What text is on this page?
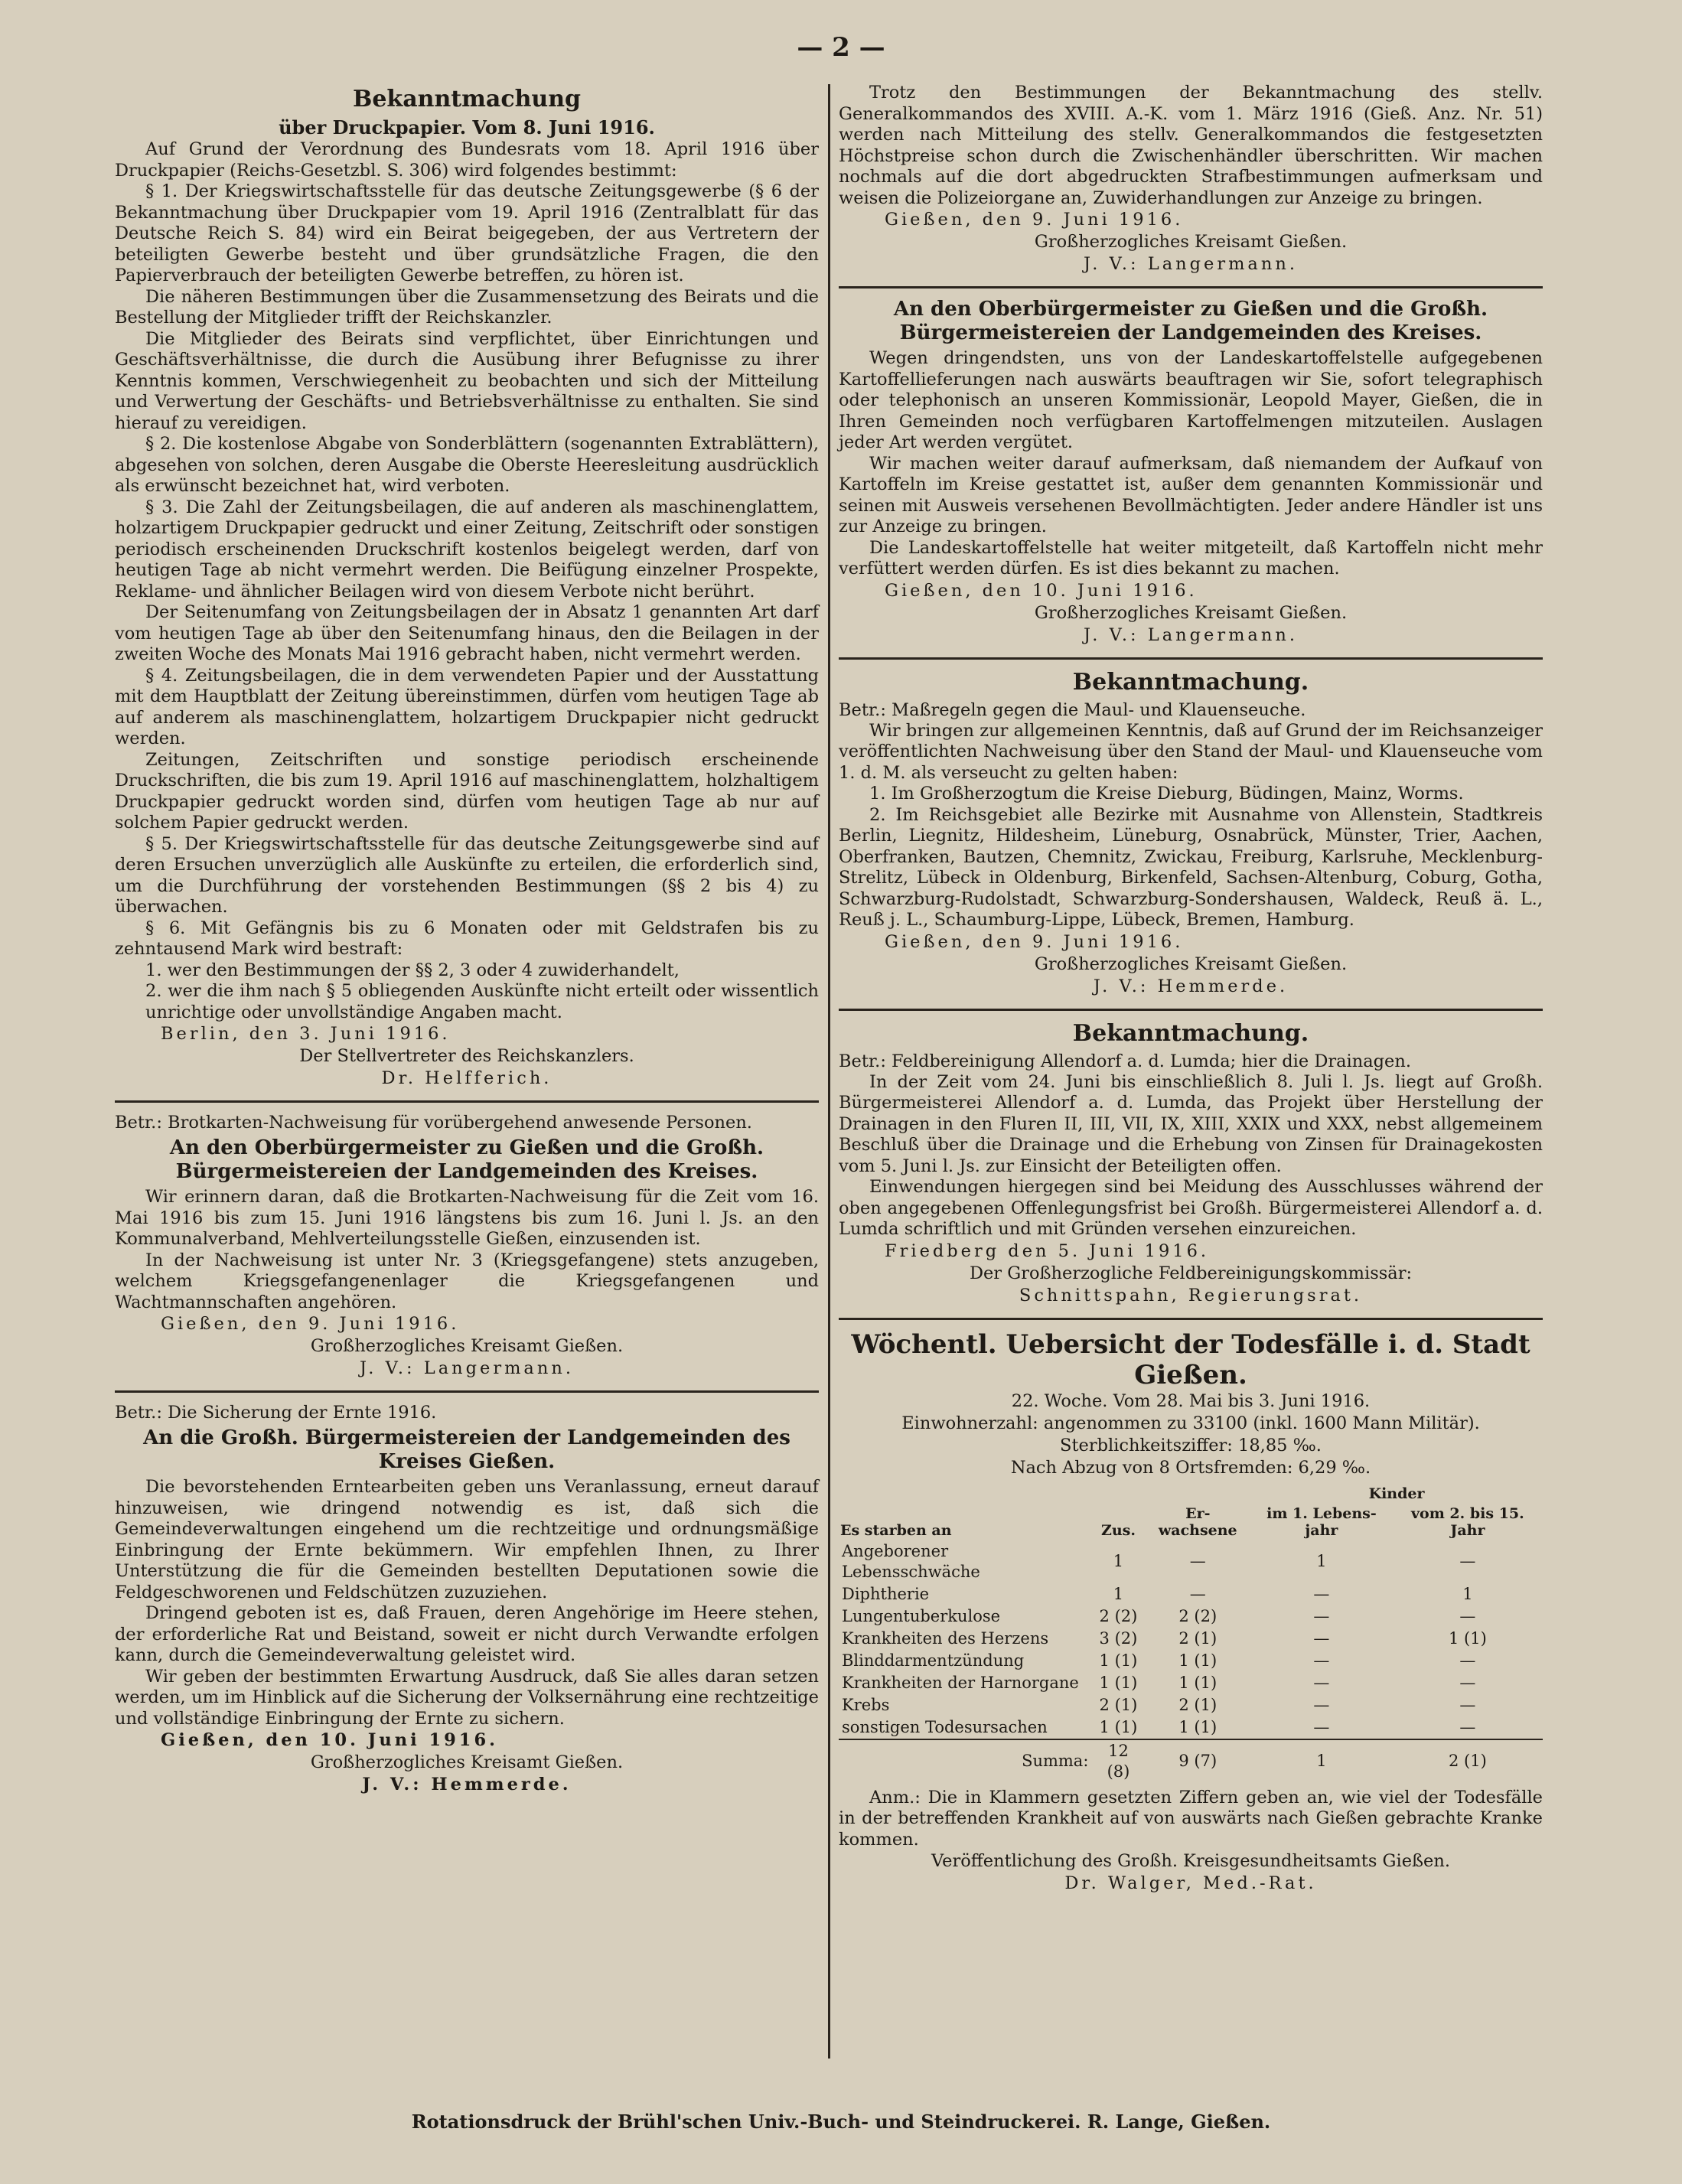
— 2 —
Bekanntmachung
über Druckpapier. Vom 8. Juni 1916.

Auf Grund der Verordnung des Bundesrats vom 18. April 1916 über Druckpapier (Reichs-Gesetzbl. S. 306) wird folgendes bestimmt:

§ 1. Der Kriegswirtschaftsstelle für das deutsche Zeitungsgewerbe (§ 6 der Bekanntmachung über Druckpapier vom 19. April 1916 (Zentralblatt für das Deutsche Reich S. 84) wird ein Beirat beigegeben, der aus Vertretern der beteiligten Gewerbe besteht und über grundsätzliche Fragen, die den Papierverbrauch der beteiligten Gewerbe betreffen, zu hören ist.

Die näheren Bestimmungen über die Zusammensetzung des Beirats und die Bestellung der Mitglieder trifft der Reichskanzler.

Die Mitglieder des Beirats sind verpflichtet, über Einrichtungen und Geschäftsverhältnisse, die durch die Ausübung ihrer Befugnisse zu ihrer Kenntnis kommen, Verschwiegenheit zu beobachten und sich der Mitteilung und Verwertung der Geschäfts- und Betriebsverhältnisse zu enthalten. Sie sind hierauf zu vereidigen.

§ 2. Die kostenlose Abgabe von Sonderblättern (sogenannten Extrablättern), abgesehen von solchen, deren Ausgabe die Oberste Heeresleitung ausdrücklich als erwünscht bezeichnet hat, wird verboten.

§ 3. Die Zahl der Zeitungsbeilagen, die auf anderen als maschinenglattem, holzartigem Druckpapier gedruckt und einer Zeitung, Zeitschrift oder sonstigen periodisch erscheinenden Druckschrift kostenlos beigelegt werden, darf von heutigen Tage ab nicht vermehrt werden. Die Beifügung einzelner Prospekte, Reklame- und ähnlicher Beilagen wird von diesem Verbote nicht berührt.

Der Seitenumfang von Zeitungsbeilagen der in Absatz 1 genannten Art darf vom heutigen Tage ab über den Seitenumfang hinaus, den die Beilagen in der zweiten Woche des Monats Mai 1916 gebracht haben, nicht vermehrt werden.

§ 4. Zeitungsbeilagen, die in dem verwendeten Papier und der Ausstattung mit dem Hauptblatt der Zeitung übereinstimmen, dürfen vom heutigen Tage ab auf anderem als maschinenglattem, holzartigem Druckpapier nicht gedruckt werden.

Zeitungen, Zeitschriften und sonstige periodisch erscheinende Druckschriften, die bis zum 19. April 1916 auf maschinenglattem, holzhaltigem Druckpapier gedruckt worden sind, dürfen vom heutigen Tage ab nur auf solchem Papier gedruckt werden.

§ 5. Der Kriegswirtschaftsstelle für das deutsche Zeitungsgewerbe sind auf deren Ersuchen unverzüglich alle Auskünfte zu erteilen, die erforderlich sind, um die Durchführung der vorstehenden Bestimmungen (§§ 2 bis 4) zu überwachen.

§ 6. Mit Gefängnis bis zu 6 Monaten oder mit Geldstrafen bis zu zehntausend Mark wird bestraft:

1. wer den Bestimmungen der §§ 2, 3 oder 4 zuwiderhandelt,

2. wer die ihm nach § 5 obliegenden Auskünfte nicht erteilt oder wissentlich unrichtige oder unvollständige Angaben macht.

Berlin, den 3. Juni 1916.
Der Stellvertreter des Reichskanzlers.
Dr. Helfferich.

Betr.: Brotkarten-Nachweisung für vorübergehend anwesende Personen.

An den Oberbürgermeister zu Gießen und die Großh. Bürgermeistereien der Landgemeinden des Kreises.

Wir erinnern daran, daß die Brotkarten-Nachweisung für die Zeit vom 16. Mai 1916 bis zum 15. Juni 1916 längstens bis zum 16. Juni l. Js. an den Kommunalverband, Mehlverteilungsstelle Gießen, einzusenden ist.

In der Nachweisung ist unter Nr. 3 (Kriegsgefangene) stets anzugeben, welchem Kriegsgefangenenlager die Kriegsgefangenen und Wachtmannschaften angehören.

Gießen, den 9. Juni 1916.
Großherzogliches Kreisamt Gießen.
J. V.: Langermann.

Betr.: Die Sicherung der Ernte 1916.

An die Großh. Bürgermeistereien der Landgemeinden des Kreises Gießen.

Die bevorstehenden Erntearbeiten geben uns Veranlassung, erneut darauf hinzuweisen, wie dringend notwendig es ist, daß sich die Gemeindeverwaltungen eingehend um die rechtzeitige und ordnungsmäßige Einbringung der Ernte bekümmern. Wir empfehlen Ihnen, zu Ihrer Unterstützung die für die Gemeinden bestellten Deputationen sowie die Feldgeschworenen und Feldschützen zuzuziehen.

Dringend geboten ist es, daß Frauen, deren Angehörige im Heere stehen, der erforderliche Rat und Beistand, soweit er nicht durch Verwandte erfolgen kann, durch die Gemeindeverwaltung geleistet wird.

Wir geben der bestimmten Erwartung Ausdruck, daß Sie alles daran setzen werden, um im Hinblick auf die Sicherung der Volksernährung eine rechtzeitige und vollständige Einbringung der Ernte zu sichern.

Gießen, den 10. Juni 1916.
Großherzogliches Kreisamt Gießen.
J. V.: Hemmerde.

Trotz den Bestimmungen der Bekanntmachung des stellv. Generalkommandos des XVIII. A.-K. vom 1. März 1916 (Gieß. Anz. Nr. 51) werden nach Mitteilung des stellv. Generalkommandos die festgesetzten Höchstpreise schon durch die Zwischenhändler überschritten. Wir machen nochmals auf die dort abgedruckten Strafbestimmungen aufmerksam und weisen die Polizeiorgane an, Zuwiderhandlungen zur Anzeige zu bringen.

Gießen, den 9. Juni 1916.
Großherzogliches Kreisamt Gießen.
J. V.: Langermann.
An den Oberbürgermeister zu Gießen und die Großh. Bürgermeistereien der Landgemeinden des Kreises.

Wegen dringendsten, uns von der Landeskartoffelstelle aufgegebenen Kartoffellieferungen nach auswärts beauftragen wir Sie, sofort telegraphisch oder telephonisch an unseren Kommissionär, Leopold Mayer, Gießen, die in Ihren Gemeinden noch verfügbaren Kartoffelmengen mitzuteilen. Auslagen jeder Art werden vergütet.

Wir machen weiter darauf aufmerksam, daß niemandem der Aufkauf von Kartoffeln im Kreise gestattet ist, außer dem genannten Kommissionär und seinen mit Ausweis versehenen Bevollmächtigten. Jeder andere Händler ist uns zur Anzeige zu bringen.

Die Landeskartoffelstelle hat weiter mitgeteilt, daß Kartoffeln nicht mehr verfüttert werden dürfen. Es ist dies bekannt zu machen.

Gießen, den 10. Juni 1916.
Großherzogliches Kreisamt Gießen.
J. V.: Langermann.
Bekanntmachung.

Betr.: Maßregeln gegen die Maul- und Klauenseuche.

Wir bringen zur allgemeinen Kenntnis, daß auf Grund der im Reichsanzeiger veröffentlichten Nachweisung über den Stand der Maul- und Klauenseuche vom 1. d. M. als verseucht zu gelten haben:

1. Im Großherzogtum die Kreise Dieburg, Büdingen, Mainz, Worms.

2. Im Reichsgebiet alle Bezirke mit Ausnahme von Allenstein, Stadtkreis Berlin, Liegnitz, Hildesheim, Lüneburg, Osnabrück, Münster, Trier, Aachen, Oberfranken, Bautzen, Chemnitz, Zwickau, Freiburg, Karlsruhe, Mecklenburg-Strelitz, Lübeck in Oldenburg, Birkenfeld, Sachsen-Altenburg, Coburg, Gotha, Schwarzburg-Rudolstadt, Schwarzburg-Sondershausen, Waldeck, Reuß ä. L., Reuß j. L., Schaumburg-Lippe, Lübeck, Bremen, Hamburg.

Gießen, den 9. Juni 1916.
Großherzogliches Kreisamt Gießen.
J. V.: Hemmerde.
Bekanntmachung.

Betr.: Feldbereinigung Allendorf a. d. Lumda; hier die Drainagen.

In der Zeit vom 24. Juni bis einschließlich 8. Juli l. Js. liegt auf Großh. Bürgermeisterei Allendorf a. d. Lumda, das Projekt über Herstellung der Drainagen in den Fluren II, III, VII, IX, XIII, XXIX und XXX, nebst allgemeinem Beschluß über die Drainage und die Erhebung von Zinsen für Drainagekosten vom 5. Juni l. Js. zur Einsicht der Beteiligten offen.

Einwendungen hiergegen sind bei Meidung des Ausschlusses während der oben angegebenen Offenlegungsfrist bei Großh. Bürgermeisterei Allendorf a. d. Lumda schriftlich und mit Gründen versehen einzureichen.

Friedberg den 5. Juni 1916.
Der Großherzogliche Feldbereinigungskommissär:
Schnittspahn, Regierungsrat.
Wöchentl. Uebersicht der Todesfälle i. d. Stadt Gießen.
22. Woche. Vom 28. Mai bis 3. Juni 1916.
Einwohnerzahl: angenommen zu 33100 (inkl. 1600 Mann Militär).
Sterblichkeitsziffer: 18,85 ‰.
Nach Abzug von 8 Ortsfremden: 6,29 ‰.
Es starben an	Zus.	Er-wachsene	Kinder	
			im 1. Lebens-jahr	vom 2. bis 15. Jahr
Angeborener Lebensschwäche	1	—	1	—
Diphtherie	1	—	—	1
Lungentuberkulose	2 (2)	2 (2)	—	—
Krankheiten des Herzens	3 (2)	2 (1)	—	1 (1)
Blinddarmentzündung	1 (1)	1 (1)	—	—
Krankheiten der Harnorgane	1 (1)	1 (1)	—	—
Krebs	2 (1)	2 (1)	—	—
sonstigen Todesursachen	1 (1)	1 (1)	—	—
Summa:	12 (8)	9 (7)	1	2 (1)

Anm.: Die in Klammern gesetzten Ziffern geben an, wie viel der Todesfälle in der betreffenden Krankheit auf von auswärts nach Gießen gebrachte Kranke kommen.

Veröffentlichung des Großh. Kreisgesundheitsamts Gießen.
Dr. Walger, Med.-Rat.
Rotationsdruck der Brühl'schen Univ.-Buch- und Steindruckerei. R. Lange, Gießen.
